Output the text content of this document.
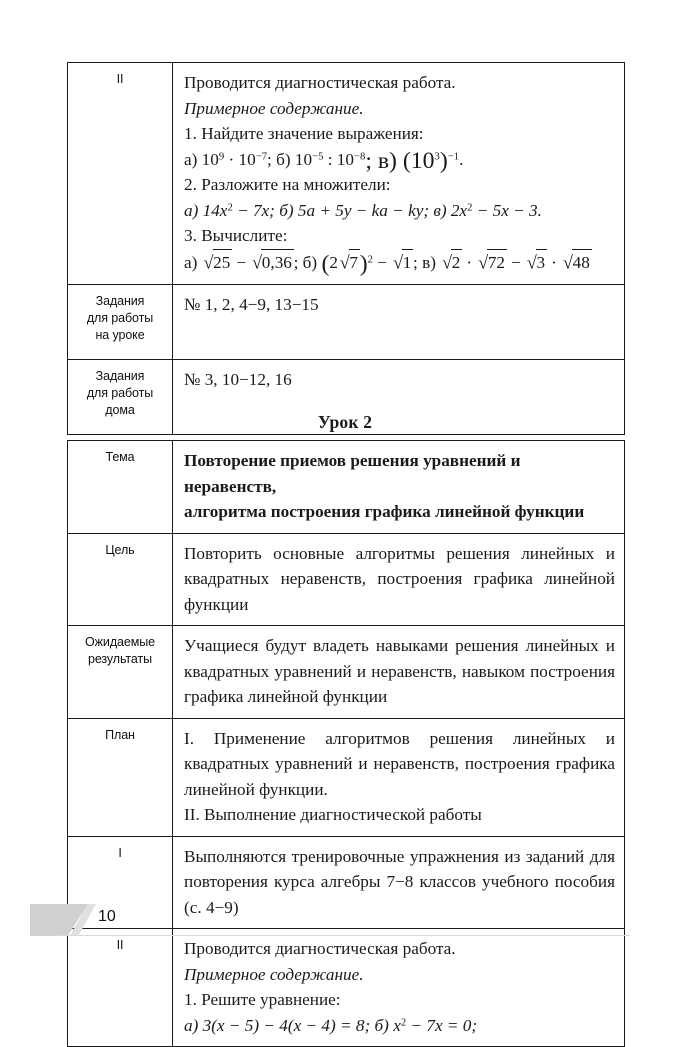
II	Проводится диагностическая работа.
Примерное содержание.
1. Найдите значение выражения:
а) $10^9 \cdot 10^{-7}$; б) $10^{-5}$ : $10^{-8}$; в) $(10^3)^{-1}$.
2. Разложите на множители:
а) $14x^2 - 7x$; б) 5a + 5y − ka − ky; в) $2x^2 - 5x - 3$.
3. Вычислите:
а) √25 − √0,36; б) $(2√7)^2 - √1$; в) √2 · √72 − √3 · √48

Задания
для работы
на уроке	№ 1, 2, 4−9, 13−15

Задания
для работы
дома	№ 3, 10−12, 16
Урок 2
Тема	Повторение приемов решения уравнений и неравенств,
алгоритма построения графика линейной функции

Цель	Повторить основные алгоритмы решения линейных и квадратных неравенств, построения графика линейной функции

Ожидаемые
результаты	Учащиеся будут владеть навыками решения линейных и квадратных уравнений и неравенств, навыком построения графика линейной функции
План	I. Применение алгоритмов решения линейных и квадратных уравнений и неравенств, построения графика линейной функции.
II. Выполнение диагностической работы

I	Выполняются тренировочные упражнения из заданий для повторения курса алгебры 7−8 классов учебного пособия (с. 4−9)
II	Проводится диагностическая работа.
Примерное содержание.
1. Решите уравнение:
а) 3(x − 5) − 4(x − 4) = 8; б) $x^2 - 7x = 0$;
10
